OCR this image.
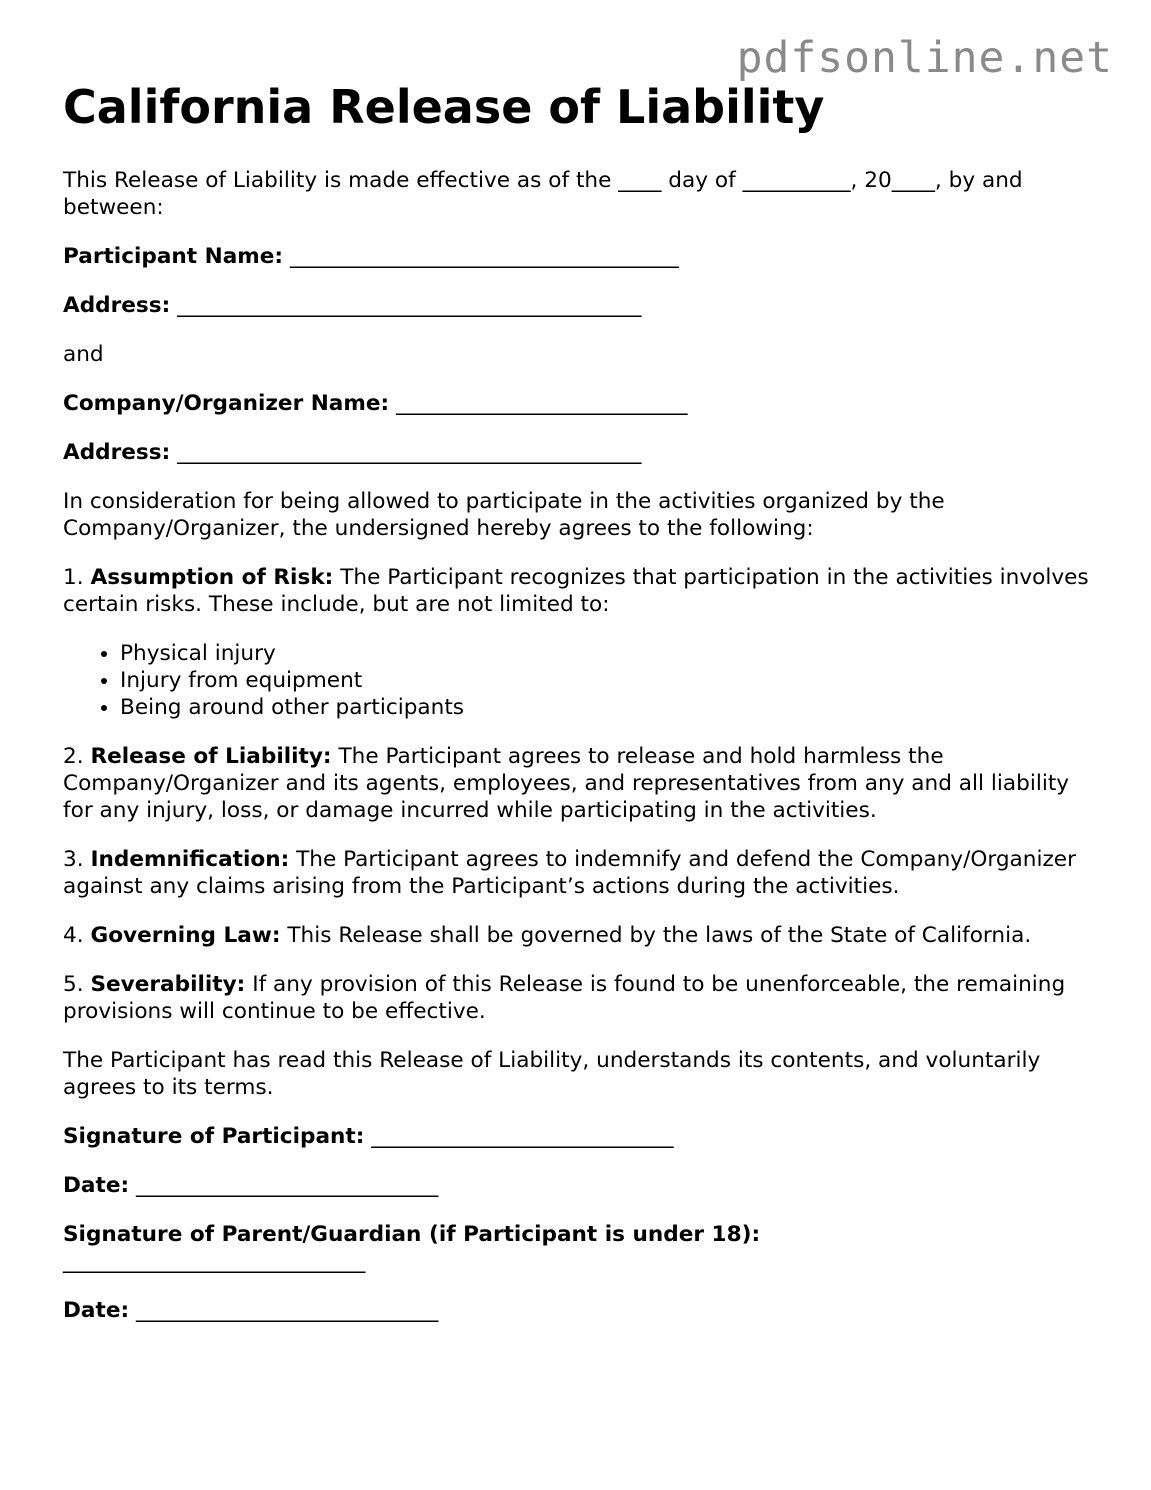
pdfsonline.net
California Release of Liability

This Release of Liability is made effective as of the ____ day of __________, 20____, by and between:

Participant Name: ____________________________________

Address: ___________________________________________

and

Company/Organizer Name: ___________________________

Address: ___________________________________________

In consideration for being allowed to participate in the activities organized by the Company/Organizer, the undersigned hereby agrees to the following:

1. Assumption of Risk: The Participant recognizes that participation in the activities involves certain risks. These include, but are not limited to:

• Physical injury
• Injury from equipment
• Being around other participants

2. Release of Liability: The Participant agrees to release and hold harmless the Company/Organizer and its agents, employees, and representatives from any and all liability for any injury, loss, or damage incurred while participating in the activities.

3. Indemnification: The Participant agrees to indemnify and defend the Company/Organizer against any claims arising from the Participant’s actions during the activities.

4. Governing Law: This Release shall be governed by the laws of the State of California.

5. Severability: If any provision of this Release is found to be unenforceable, the remaining provisions will continue to be effective.

The Participant has read this Release of Liability, understands its contents, and voluntarily agrees to its terms.

Signature of Participant: ____________________________

Date: ____________________________

Signature of Parent/Guardian (if Participant is under 18):
____________________________

Date: ____________________________
